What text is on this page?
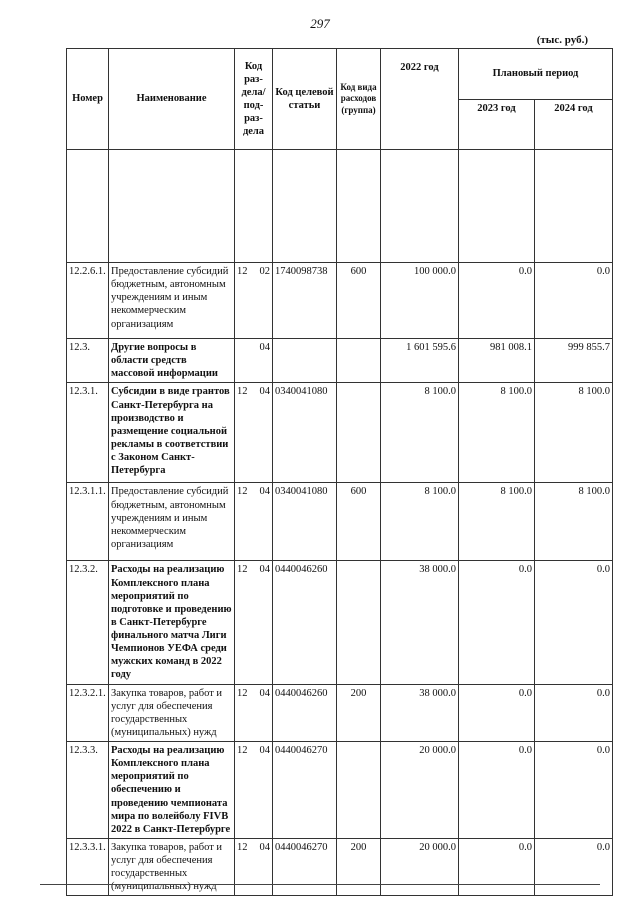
297
(тыс. руб.)
Номер	Наименование	Код раз- дела/ под- раз- дела	Код целевой статьи	Код вида расходов (группа)	2022 год	Плановый период	
						2023 год	2024 год

12.2.6.1.	Предоставление субсидий бюджетным, автономным учреждениям и иным некоммерческим организациям	12 02	1740098738	600	100 000.0	0.0	0.0
12.3.	Другие вопросы в области средств массовой информации	04			1 601 595.6	981 008.1	999 855.7
12.3.1.	Субсидии в виде грантов Санкт-Петербурга на производство и размещение социальной рекламы в соответствии с Законом Санкт-Петербурга	12 04	0340041080		8 100.0	8 100.0	8 100.0
12.3.1.1.	Предоставление субсидий бюджетным, автономным учреждениям и иным некоммерческим организациям	12 04	0340041080	600	8 100.0	8 100.0	8 100.0
12.3.2.	Расходы на реализацию Комплексного плана мероприятий по подготовке и проведению в Санкт-Петербурге финального матча Лиги Чемпионов УЕФА среди мужских команд в 2022 году	12 04	0440046260		38 000.0	0.0	0.0
12.3.2.1.	Закупка товаров, работ и услуг для обеспечения государственных (муниципальных) нужд	12 04	0440046260	200	38 000.0	0.0	0.0
12.3.3.	Расходы на реализацию Комплексного плана мероприятий по обеспечению и проведению чемпионата мира по волейболу FIVB 2022 в Санкт-Петербурге	12 04	0440046270		20 000.0	0.0	0.0
12.3.3.1.	Закупка товаров, работ и услуг для обеспечения государственных (муниципальных) нужд	12 04	0440046270	200	20 000.0	0.0	0.0
